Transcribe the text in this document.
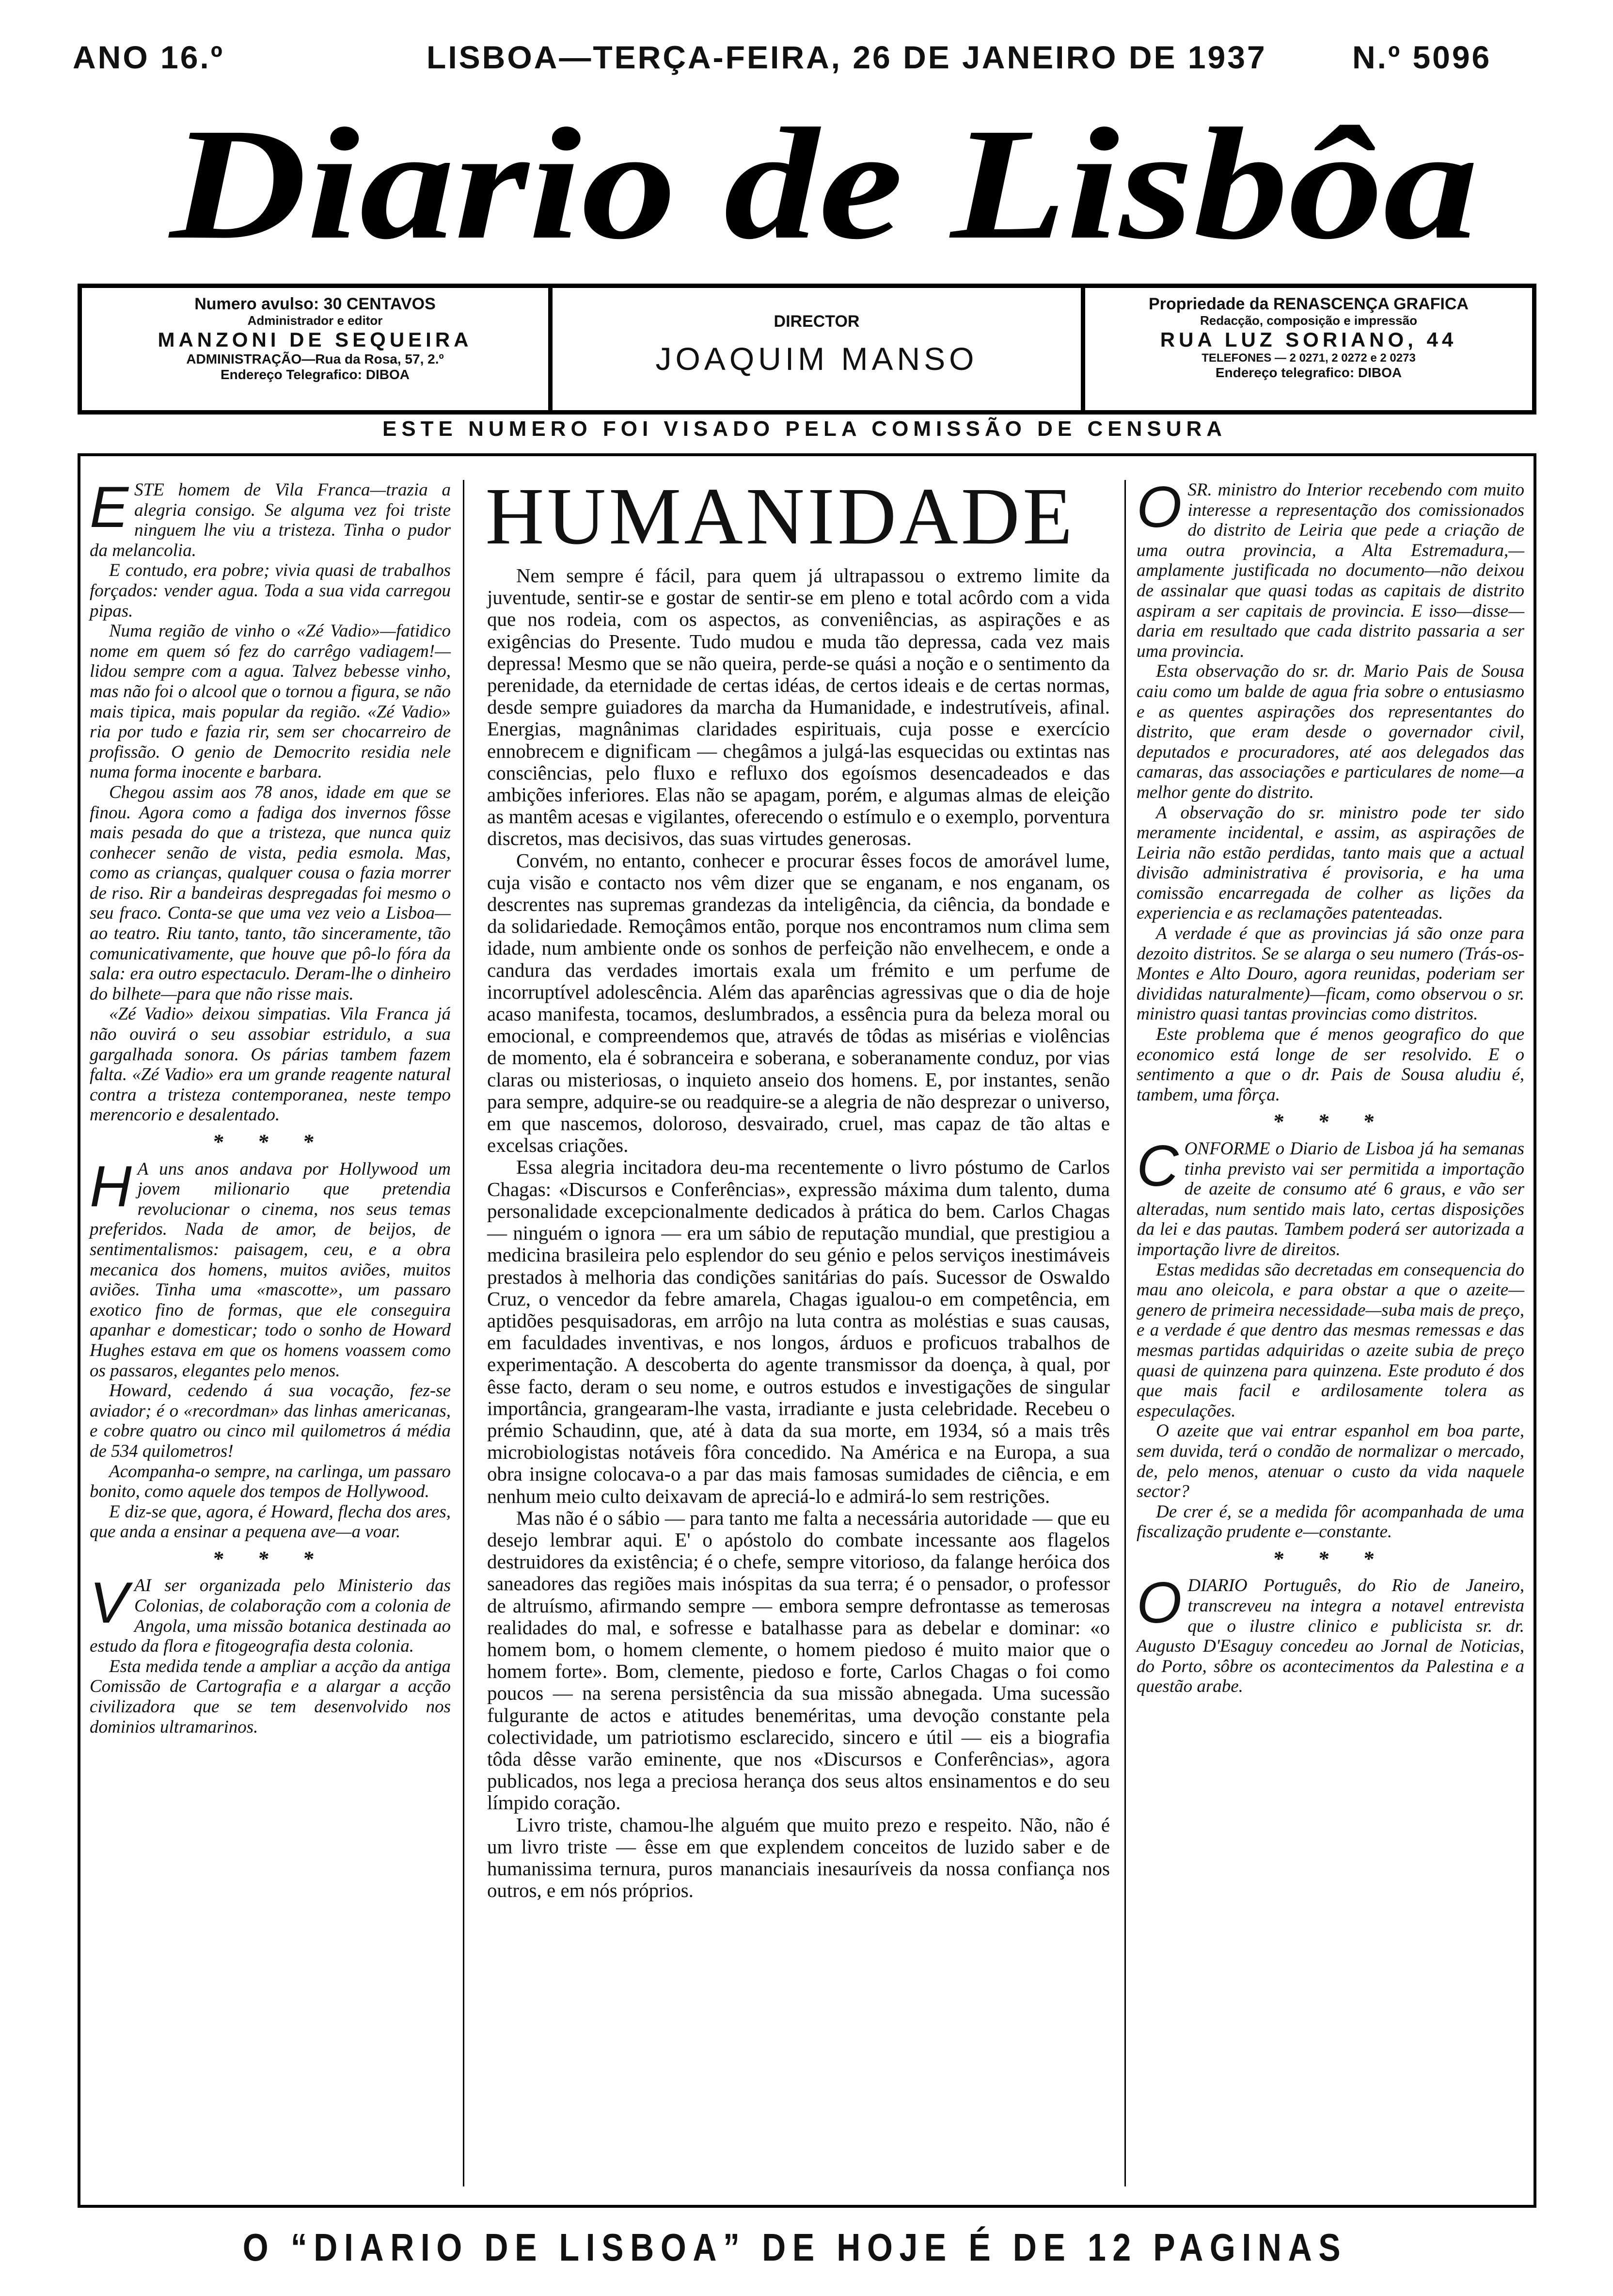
ANO 16.º	LISBOA—TERÇA-FEIRA, 26 DE JANEIRO DE 1937	N.º 5096
Diario de Lisbôa
Numero avulso: 30 CENTAVOS
Administrador e editor
MANZONI DE SEQUEIRA
ADMINISTRAÇÃO—Rua da Rosa, 57, 2.º
Endereço Telegrafico: DIBOA
DIRECTOR
JOAQUIM MANSO
Propriedade da RENASCENÇA GRAFICA
Redacção, composição e impressão
RUA LUZ SORIANO, 44
TELEFONES — 2 0271, 2 0272 e 2 0273
Endereço telegrafico: DIBOA
ESTE NUMERO FOI VISADO PELA COMISSÃO DE CENSURA

ESTE homem de Vila Franca—trazia a alegria consigo. Se alguma vez foi triste ninguem lhe viu a tristeza. Tinha o pudor da melancolia.

E contudo, era pobre; vivia quasi de trabalhos forçados: vender agua. Toda a sua vida carregou pipas.

Numa região de vinho o «Zé Vadio»—fatidico nome em quem só fez do carrêgo vadiagem!—lidou sempre com a agua. Talvez bebesse vinho, mas não foi o alcool que o tornou a figura, se não mais tipica, mais popular da região. «Zé Vadio» ria por tudo e fazia rir, sem ser chocarreiro de profissão. O genio de Democrito residia nele numa forma inocente e barbara.

Chegou assim aos 78 anos, idade em que se finou. Agora como a fadiga dos invernos fôsse mais pesada do que a tristeza, que nunca quiz conhecer senão de vista, pedia esmola. Mas, como as crianças, qualquer cousa o fazia morrer de riso. Rir a bandeiras despregadas foi mesmo o seu fraco. Conta-se que uma vez veio a Lisboa—ao teatro. Riu tanto, tanto, tão sinceramente, tão comunicativamente, que houve que pô-lo fóra da sala: era outro espectaculo. Deram-lhe o dinheiro do bilhete—para que não risse mais.

«Zé Vadio» deixou simpatias. Vila Franca já não ouvirá o seu assobiar estridulo, a sua gargalhada sonora. Os párias tambem fazem falta. «Zé Vadio» era um grande reagente natural contra a tristeza contemporanea, neste tempo merencorio e desalentado.

* * *

H A uns anos andava por Hollywood um jovem milionario que pretendia revolucionar o cinema, nos seus temas preferidos. Nada de amor, de beijos, de sentimentalismos: paisagem, ceu, e a obra mecanica dos homens, muitos aviões, muitos aviões. Tinha uma «mascotte», um passaro exotico fino de formas, que ele conseguira apanhar e domesticar; todo o sonho de Howard Hughes estava em que os homens voassem como os passaros, elegantes pelo menos.

Howard, cedendo á sua vocação, fez-se aviador; é o «recordman» das linhas americanas, e cobre quatro ou cinco mil quilometros á média de 534 quilometros!

Acompanha-o sempre, na carlinga, um passaro bonito, como aquele dos tempos de Hollywood.

E diz-se que, agora, é Howard, flecha dos ares, que anda a ensinar a pequena ave—a voar.

* * *

VAI ser organizada pelo Ministerio das Colonias, de colaboração com a colonia de Angola, uma missão botanica destinada ao estudo da flora e fitogeografia desta colonia.

Esta medida tende a ampliar a acção da antiga Comissão de Cartografia e a alargar a acção civilizadora que se tem desenvolvido nos dominios ultramarinos.

HUMANIDADE

Nem sempre é fácil, para quem já ultrapassou o extremo limite da juventude, sentir-se e gostar de sentir-se em pleno e total acôrdo com a vida que nos rodeia, com os aspectos, as conveniências, as aspirações e as exigências do Presente. Tudo mudou e muda tão depressa, cada vez mais depressa! Mesmo que se não queira, perde-se quási a noção e o sentimento da perenidade, da eternidade de certas idéas, de certos ideais e de certas normas, desde sempre guiadores da marcha da Humanidade, e indestrutíveis, afinal. Energias, magnânimas claridades espirituais, cuja posse e exercício ennobrecem e dignificam — chegâmos a julgá-las esquecidas ou extintas nas consciências, pelo fluxo e refluxo dos egoísmos desencadeados e das ambições inferiores. Elas não se apagam, porém, e algumas almas de eleição as mantêm acesas e vigilantes, oferecendo o estímulo e o exemplo, porventura discretos, mas decisivos, das suas virtudes generosas.

Convém, no entanto, conhecer e procurar êsses focos de amorável lume, cuja visão e contacto nos vêm dizer que se enganam, e nos enganam, os descrentes nas supremas grandezas da inteligência, da ciência, da bondade e da solidariedade. Remoçâmos então, porque nos encontramos num clima sem idade, num ambiente onde os sonhos de perfeição não envelhecem, e onde a candura das verdades imortais exala um frémito e um perfume de incorruptível adolescência. Além das aparências agressivas que o dia de hoje acaso manifesta, tocamos, deslumbrados, a essência pura da beleza moral ou emocional, e compreendemos que, através de tôdas as misérias e violências de momento, ela é sobranceira e soberana, e soberanamente conduz, por vias claras ou misteriosas, o inquieto anseio dos homens. E, por instantes, senão para sempre, adquire-se ou readquire-se a alegria de não desprezar o universo, em que nascemos, doloroso, desvairado, cruel, mas capaz de tão altas e excelsas criações.

Essa alegria incitadora deu-ma recentemente o livro póstumo de Carlos Chagas: «Discursos e Conferências», expressão máxima dum talento, duma personalidade excepcionalmente dedicados à prática do bem. Carlos Chagas — ninguém o ignora — era um sábio de reputação mundial, que prestigiou a medicina brasileira pelo esplendor do seu génio e pelos serviços inestimáveis prestados à melhoria das condições sanitárias do país. Sucessor de Oswaldo Cruz, o vencedor da febre amarela, Chagas igualou-o em competência, em aptidões pesquisadoras, em arrôjo na luta contra as moléstias e suas causas, em faculdades inventivas, e nos longos, árduos e proficuos trabalhos de experimentação. A descoberta do agente transmissor da doença, à qual, por êsse facto, deram o seu nome, e outros estudos e investigações de singular importância, grangearam-lhe vasta, irradiante e justa celebridade. Recebeu o prémio Schaudinn, que, até à data da sua morte, em 1934, só a mais três microbiologistas notáveis fôra concedido. Na América e na Europa, a sua obra insigne colocava-o a par das mais famosas sumidades de ciência, e em nenhum meio culto deixavam de apreciá-lo e admirá-lo sem restrições.

Mas não é o sábio — para tanto me falta a necessária autoridade — que eu desejo lembrar aqui. E' o apóstolo do combate incessante aos flagelos destruidores da existência; é o chefe, sempre vitorioso, da falange heróica dos saneadores das regiões mais inóspitas da sua terra; é o pensador, o professor de altruísmo, afirmando sempre — embora sempre defrontasse as temerosas realidades do mal, e sofresse e batalhasse para as debelar e dominar: «o homem bom, o homem clemente, o homem piedoso é muito maior que o homem forte». Bom, clemente, piedoso e forte, Carlos Chagas o foi como poucos — na serena persistência da sua missão abnegada. Uma sucessão fulgurante de actos e atitudes beneméritas, uma devoção constante pela colectividade, um patriotismo esclarecido, sincero e útil — eis a biografia tôda dêsse varão eminente, que nos «Discursos e Conferências», agora publicados, nos lega a preciosa herança dos seus altos ensinamentos e do seu límpido coração.

Livro triste, chamou-lhe alguém que muito prezo e respeito. Não, não é um livro triste — êsse em que explendem conceitos de luzido saber e de humanissima ternura, puros mananciais inesauríveis da nossa confiança nos outros, e em nós próprios.

OSR. ministro do Interior recebendo com muito interesse a representação dos comissionados do distrito de Leiria que pede a criação de uma outra provincia, a Alta Estremadura,—amplamente justificada no documento—não deixou de assinalar que quasi todas as capitais de distrito aspiram a ser capitais de provincia. E isso—disse—daria em resultado que cada distrito passaria a ser uma provincia.

Esta observação do sr. dr. Mario Pais de Sousa caiu como um balde de agua fria sobre o entusiasmo e as quentes aspirações dos representantes do distrito, que eram desde o governador civil, deputados e procuradores, até aos delegados das camaras, das associações e particulares de nome—a melhor gente do distrito.

A observação do sr. ministro pode ter sido meramente incidental, e assim, as aspirações de Leiria não estão perdidas, tanto mais que a actual divisão administrativa é provisoria, e ha uma comissão encarregada de colher as lições da experiencia e as reclamações patenteadas.

A verdade é que as provincias já são onze para dezoito distritos. Se se alarga o seu numero (Trás-os-Montes e Alto Douro, agora reunidas, poderiam ser divididas naturalmente)—ficam, como observou o sr. ministro quasi tantas provincias como distritos.

Este problema que é menos geografico do que economico está longe de ser resolvido. E o sentimento a que o dr. Pais de Sousa aludiu é, tambem, uma fôrça.

* * *

CONFORME o Diario de Lisboa já ha semanas tinha previsto vai ser permitida a importação de azeite de consumo até 6 graus, e vão ser alteradas, num sentido mais lato, certas disposições da lei e das pautas. Tambem poderá ser autorizada a importação livre de direitos.

Estas medidas são decretadas em consequencia do mau ano oleicola, e para obstar a que o azeite—genero de primeira necessidade—suba mais de preço, e a verdade é que dentro das mesmas remessas e das mesmas partidas adquiridas o azeite subia de preço quasi de quinzena para quinzena. Este produto é dos que mais facil e ardilosamente tolera as especulações.

O azeite que vai entrar espanhol em boa parte, sem duvida, terá o condão de normalizar o mercado, de, pelo menos, atenuar o custo da vida naquele sector?

De crer é, se a medida fôr acompanhada de uma fiscalização prudente e—constante.

* * *

ODIARIO Português, do Rio de Janeiro, transcreveu na integra a notavel entrevista que o ilustre clinico e publicista sr. dr. Augusto D'Esaguy concedeu ao Jornal de Noticias, do Porto, sôbre os acontecimentos da Palestina e a questão arabe.

O “DIARIO DE LISBOA” DE HOJE É DE 12 PAGINAS
